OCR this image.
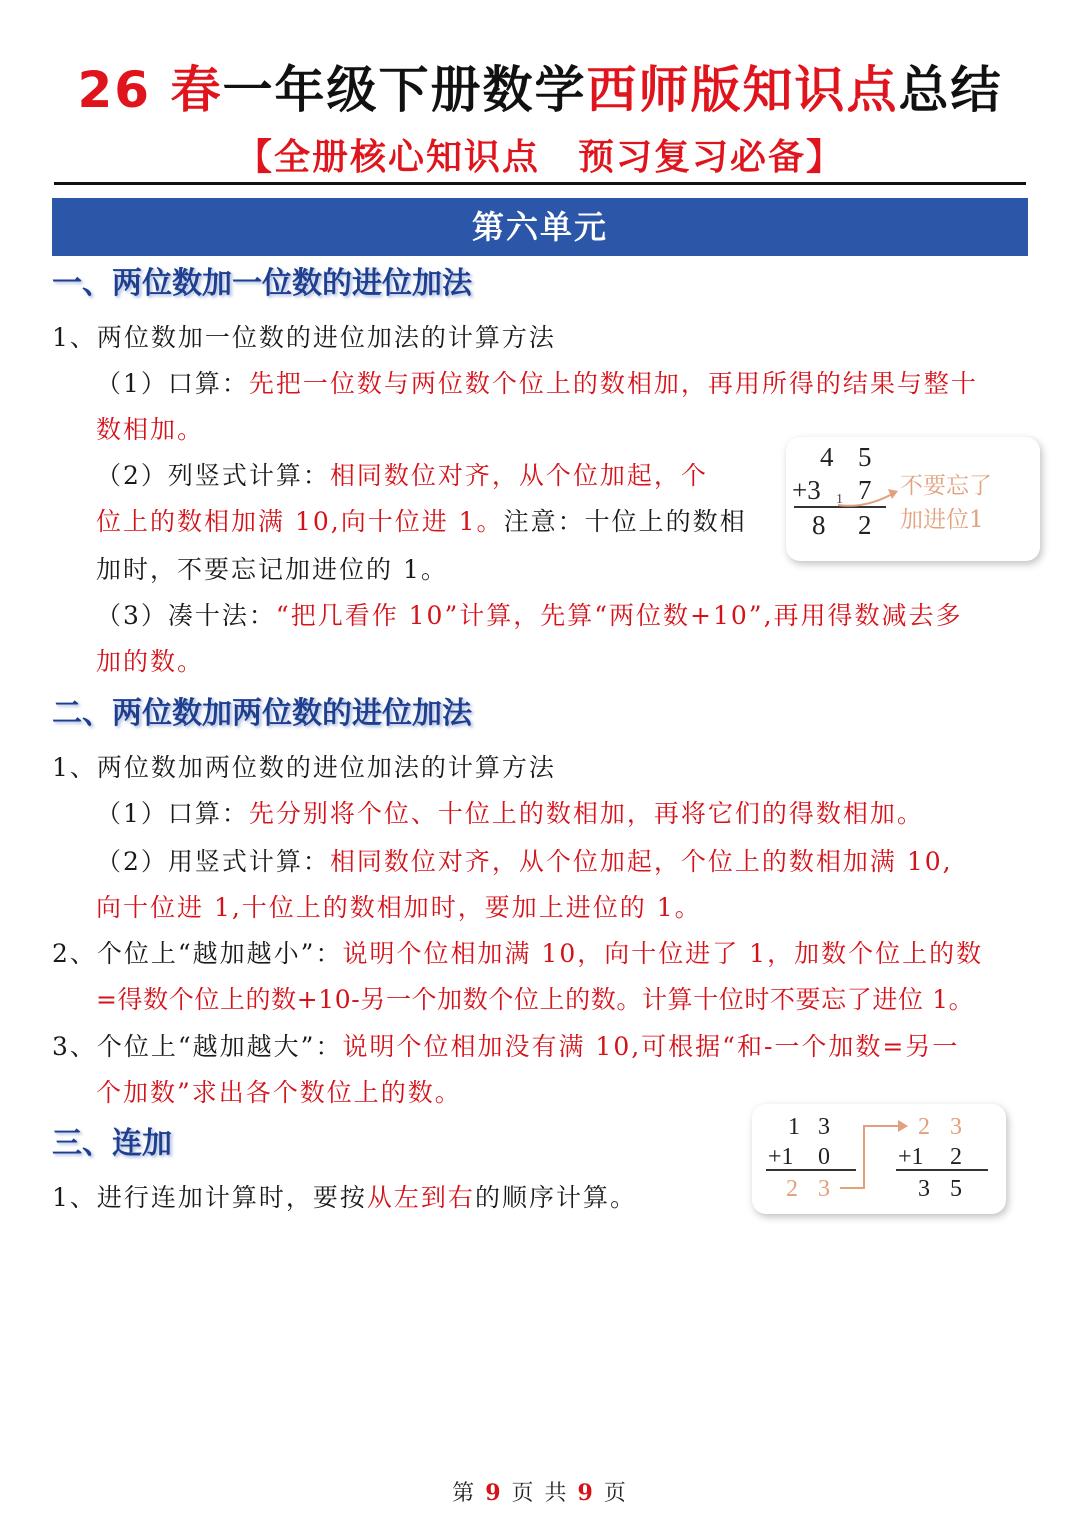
26 春一年级下册数学西师版知识点总结
【全册核心知识点　预习复习必备】
第六单元
一、两位数加一位数的进位加法
1、两位数加一位数的进位加法的计算方法
（1）口算：先把一位数与两位数个位上的数相加，再用所得的结果与整十
数相加。
（2）列竖式计算：相同数位对齐，从个位加起，个
位上的数相加满 10,向十位进 1。注意：十位上的数相
加时，不要忘记加进位的 1。
（3）凑十法：“把几看作 10”计算，先算“两位数+10”,再用得数减去多
加的数。
4 5
+3 1 7
8 2
不要忘了
加进位1
二、两位数加两位数的进位加法
1、两位数加两位数的进位加法的计算方法
（1）口算：先分别将个位、十位上的数相加，再将它们的得数相加。
（2）用竖式计算：相同数位对齐，从个位加起，个位上的数相加满 10,
向十位进 1,十位上的数相加时，要加上进位的 1。
2、个位上“越加越小”：说明个位相加满 10，向十位进了 1，加数个位上的数
=得数个位上的数+10-另一个加数个位上的数。计算十位时不要忘了进位 1。
3、个位上“越加越大”：说明个位相加没有满 10,可根据“和-一个加数=另一
个加数”求出各个数位上的数。
三、连加
1、进行连加计算时，要按从左到右的顺序计算。
1 3
+1 0
2 3
2 3
+1 2
3 5
第 9 页 共 9 页
